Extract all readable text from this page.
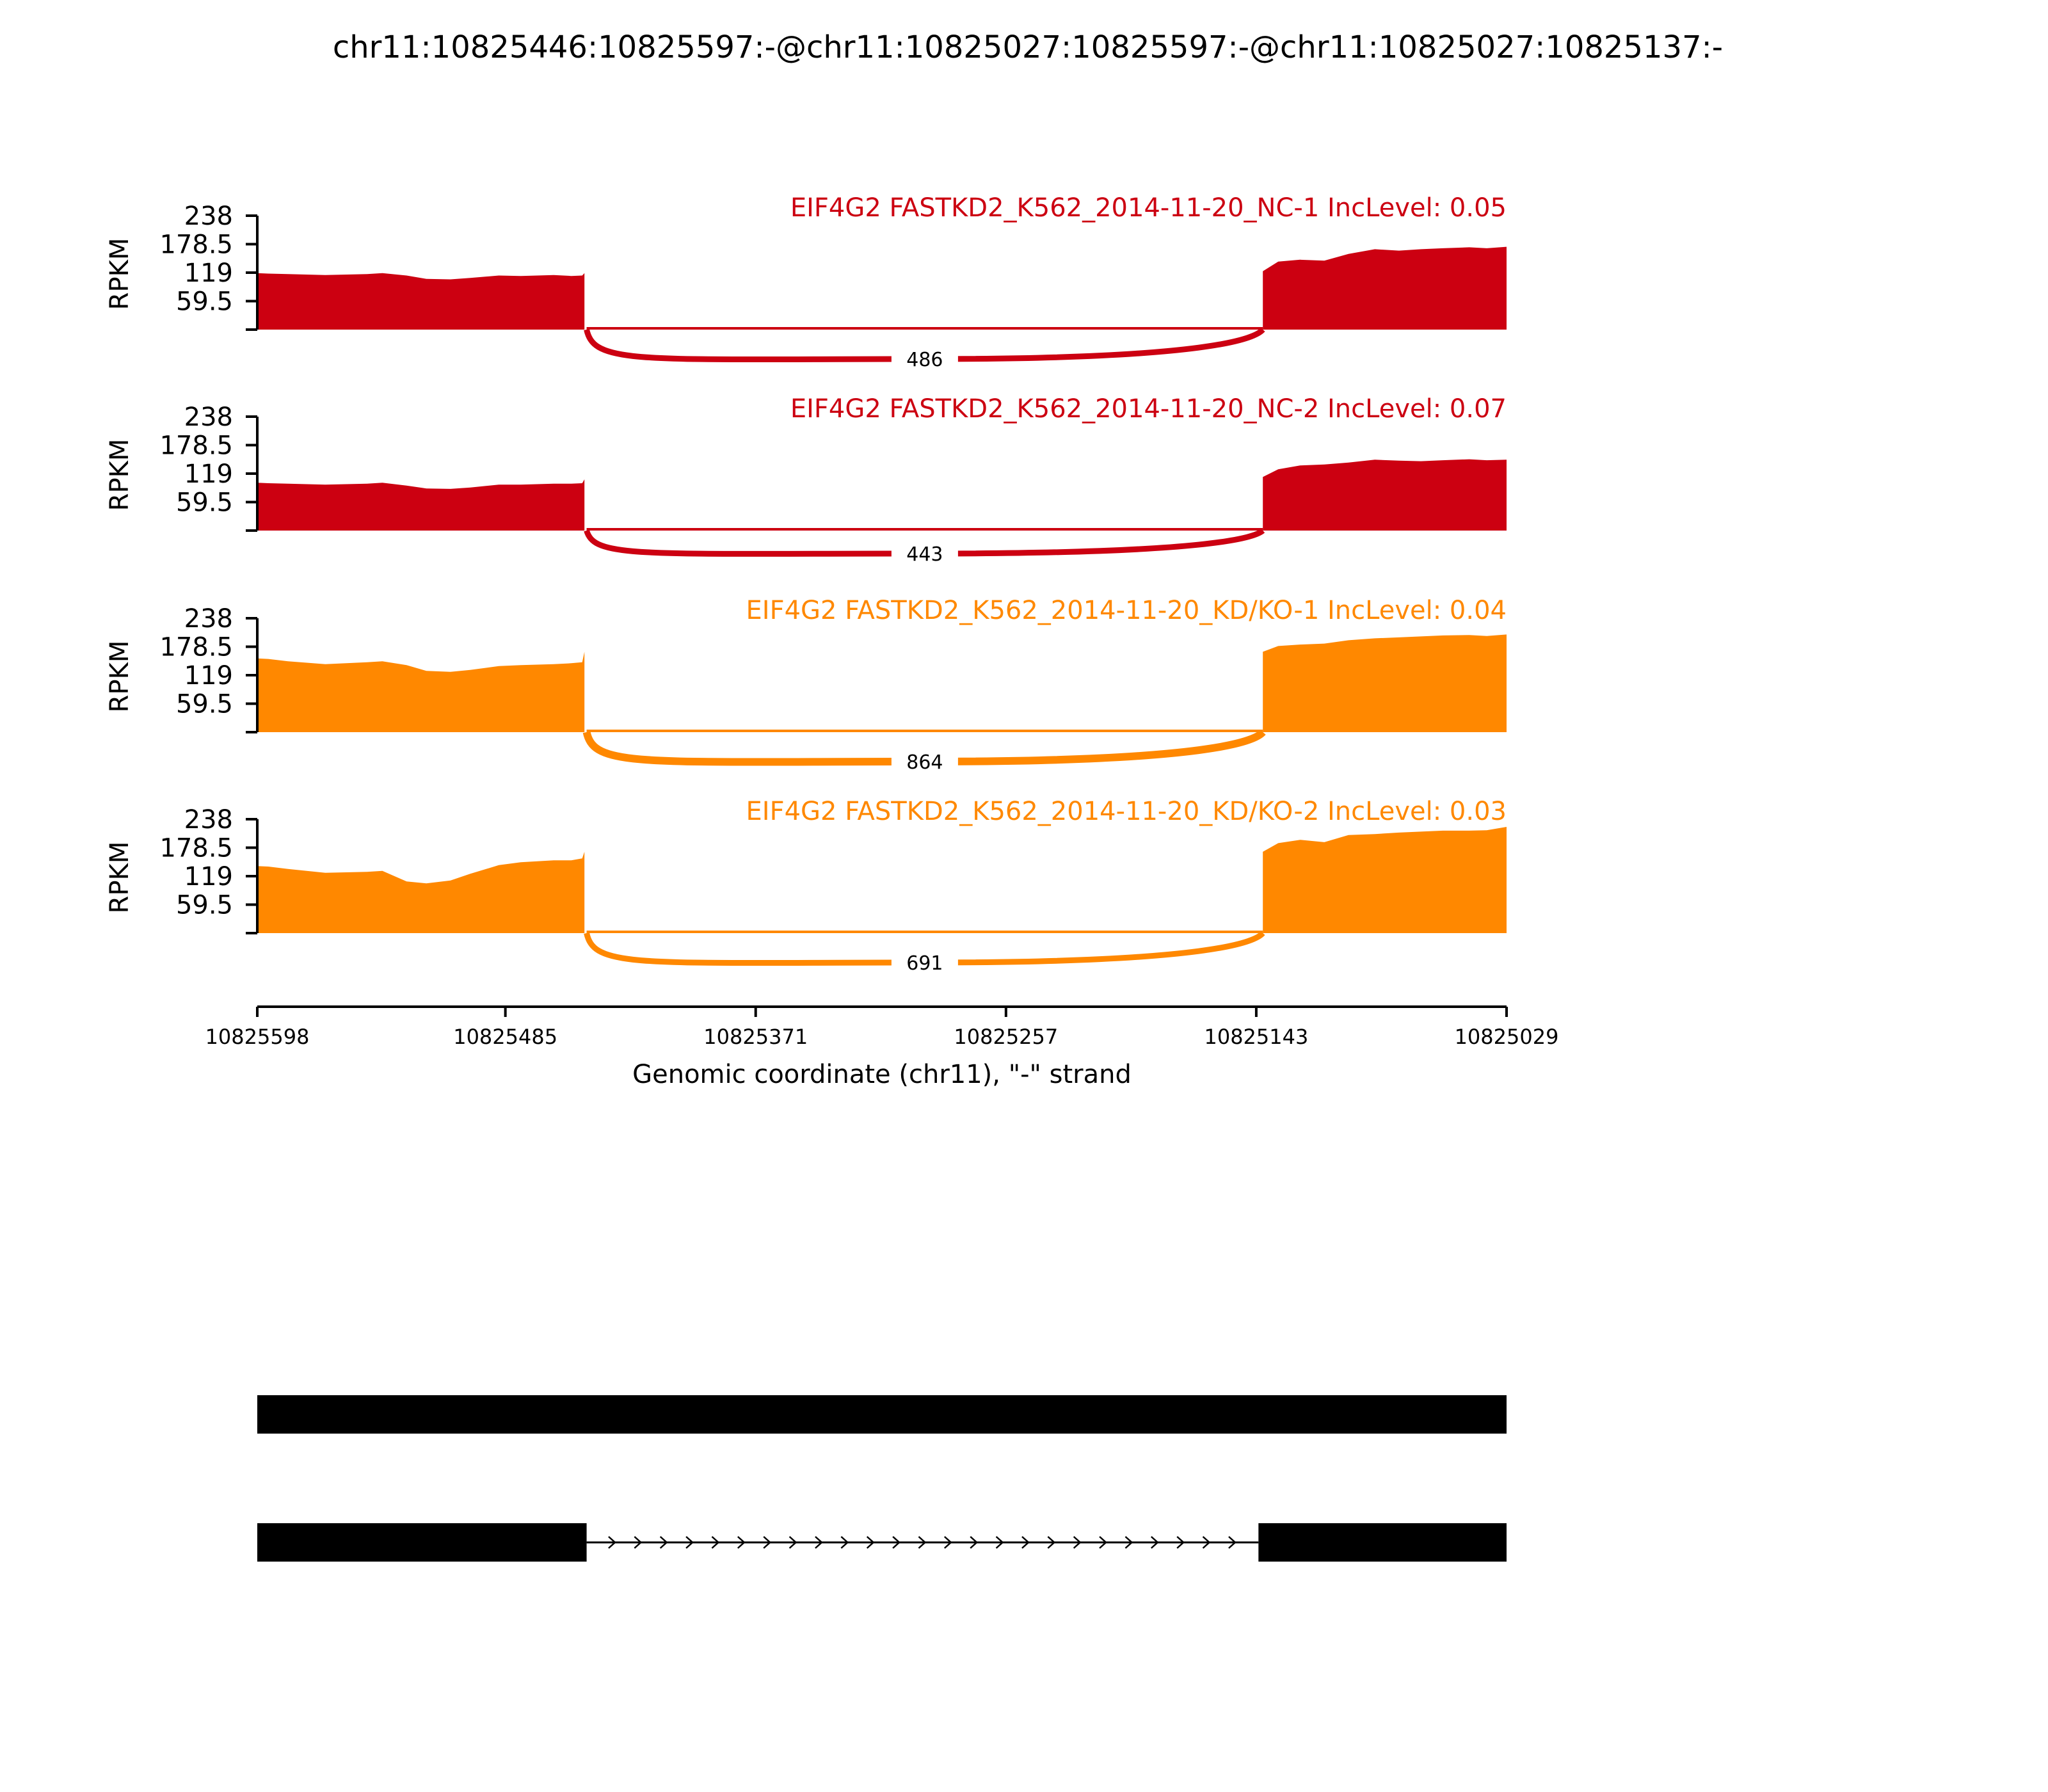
chr11:10825446:10825597:-@chr11:10825027:10825597:-@chr11:10825027:10825137:-
486
59.5
119
178.5
238
RPKM
EIF4G2 FASTKD2_K562_2014-11-20_NC-1 IncLevel: 0.05
443
59.5
119
178.5
238
RPKM
EIF4G2 FASTKD2_K562_2014-11-20_NC-2 IncLevel: 0.07
864
59.5
119
178.5
238
RPKM
EIF4G2 FASTKD2_K562_2014-11-20_KD/KO-1 IncLevel: 0.04
691
59.5
119
178.5
238
RPKM
EIF4G2 FASTKD2_K562_2014-11-20_KD/KO-2 IncLevel: 0.03
10825598	10825485	10825371	10825257	10825143	10825029
Genomic coordinate (chr11), "-" strand
